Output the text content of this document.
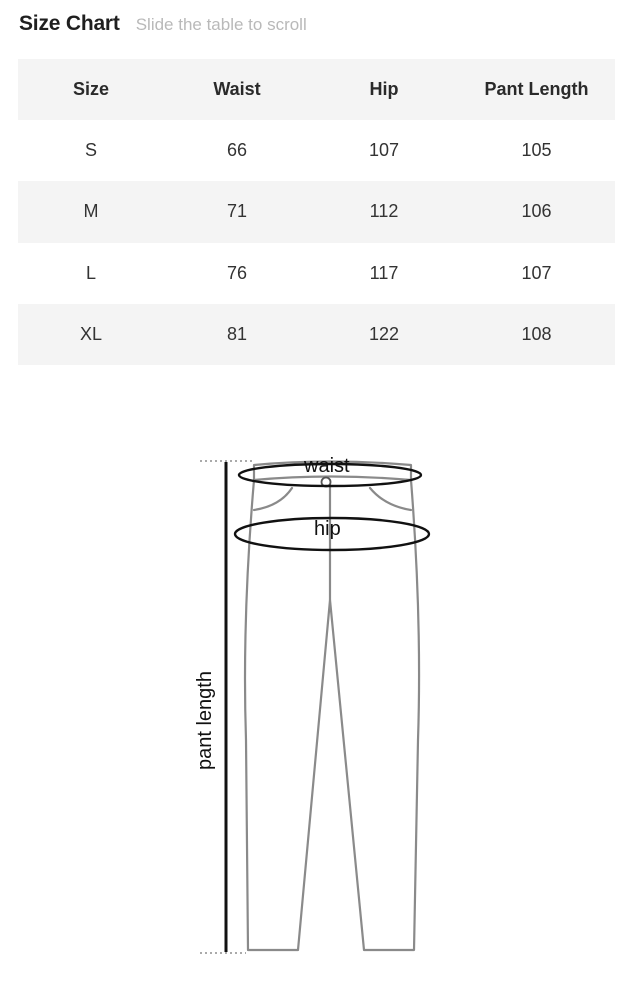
Size Chart Slide the table to scroll
Size	Waist	Hip	Pant Length
S	66	107	105
M	71	112	106
L	76	117	107
XL	81	122	108
waist
hip
pant length
